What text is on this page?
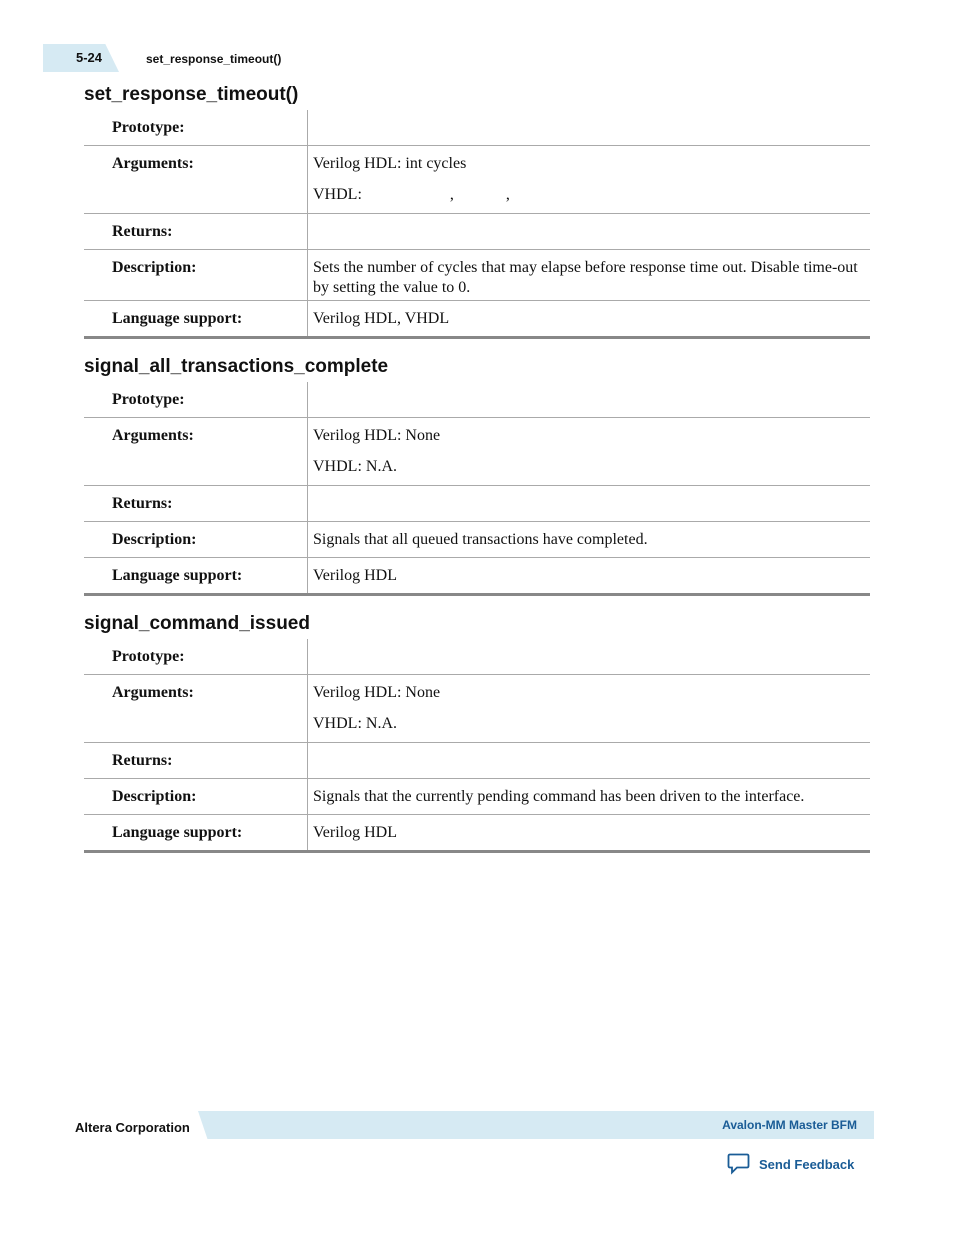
5-24	set_response_timeout()
set_response_timeout()
Prototype:	
Arguments:	Verilog HDL: int cycles
VHDL:                      ,             ,

Returns:	
Description:	Sets the number of cycles that may elapse before response time out. Disable time-out by setting the value to 0.

Language support:	Verilog HDL, VHDL
signal_all_transactions_complete
Prototype:	
Arguments:	Verilog HDL: None
VHDL: N.A.

Returns:	
Description:	Signals that all queued transactions have completed.
Language support:	Verilog HDL
signal_command_issued
Prototype:	
Arguments:	Verilog HDL: None
VHDL: N.A.

Returns:	
Description:	Signals that the currently pending command has been driven to the interface.
Language support:	Verilog HDL
Altera Corporation	Avalon-MM Master BFM
Send Feedback
